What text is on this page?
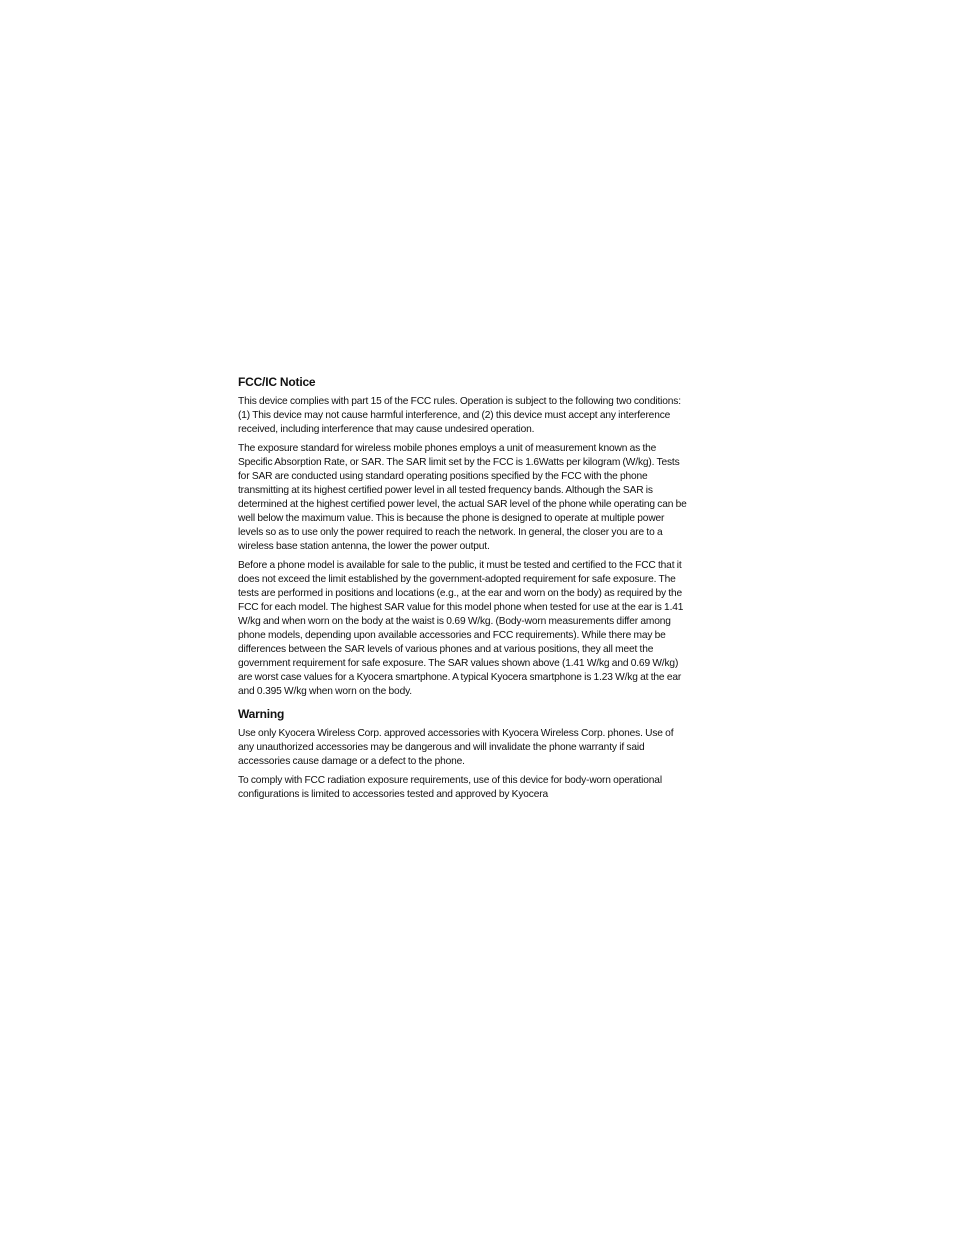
FCC/IC Notice

This device complies with part 15 of the FCC rules. Operation is subject to the following two conditions: (1) This device may not cause harmful interference, and (2) this device must accept any interference received, including interference that may cause undesired operation.

The exposure standard for wireless mobile phones employs a unit of measurement known as the Specific Absorption Rate, or SAR. The SAR limit set by the FCC is 1.6Watts per kilogram (W/kg). Tests for SAR are conducted using standard operating positions specified by the FCC with the phone transmitting at its highest certified power level in all tested frequency bands. Although the SAR is determined at the highest certified power level, the actual SAR level of the phone while operating can be well below the maximum value. This is because the phone is designed to operate at multiple power levels so as to use only the power required to reach the network. In general, the closer you are to a wireless base station antenna, the lower the power output.

Before a phone model is available for sale to the public, it must be tested and certified to the FCC that it does not exceed the limit established by the government-adopted requirement for safe exposure. The tests are performed in positions and locations (e.g., at the ear and worn on the body) as required by the FCC for each model. The highest SAR value for this model phone when tested for use at the ear is 1.41 W/kg and when worn on the body at the waist is 0.69 W/kg. (Body-worn measurements differ among phone models, depending upon available accessories and FCC requirements). While there may be differences between the SAR levels of various phones and at various positions, they all meet the government requirement for safe exposure. The SAR values shown above (1.41 W/kg and 0.69 W/kg) are worst case values for a Kyocera smartphone. A typical Kyocera smartphone is 1.23 W/kg at the ear and 0.395 W/kg when worn on the body.

Warning

Use only Kyocera Wireless Corp. approved accessories with Kyocera Wireless Corp. phones. Use of any unauthorized accessories may be dangerous and will invalidate the phone warranty if said accessories cause damage or a defect to the phone.

To comply with FCC radiation exposure requirements, use of this device for body-worn operational configurations is limited to accessories tested and approved by Kyocera
